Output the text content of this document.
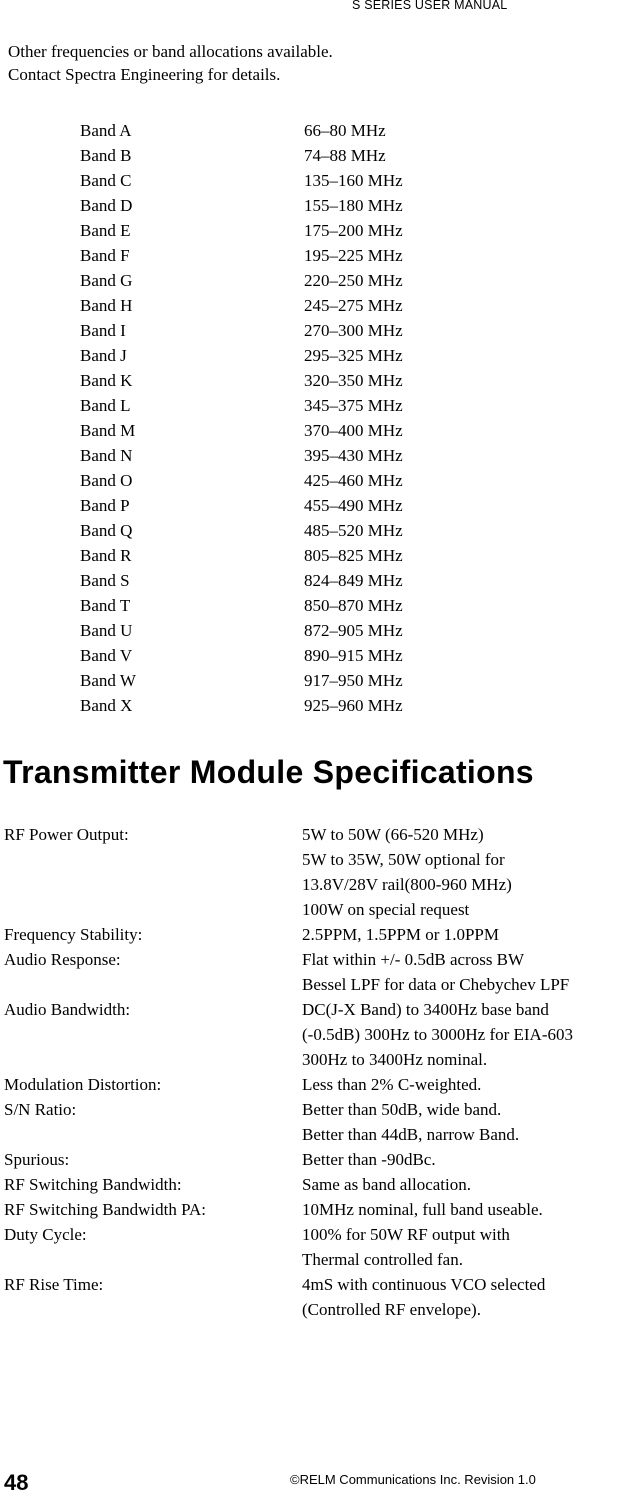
S SERIES USER MANUAL
Other frequencies or band allocations available.
Contact Spectra Engineering for details.
Band A	66–80 MHz
Band B	74–88 MHz
Band C	135–160 MHz
Band D	155–180 MHz
Band E	175–200 MHz
Band F	195–225 MHz
Band G	220–250 MHz
Band H	245–275 MHz
Band I	270–300 MHz
Band J	295–325 MHz
Band K	320–350 MHz
Band L	345–375 MHz
Band M	370–400 MHz
Band N	395–430 MHz
Band O	425–460 MHz
Band P	455–490 MHz
Band Q	485–520 MHz
Band R	805–825 MHz
Band S	824–849 MHz
Band T	850–870 MHz
Band U	872–905 MHz
Band V	890–915 MHz
Band W	917–950 MHz
Band X	925–960 MHz
Transmitter Module Specifications
RF Power Output:	5W to 50W (66-520 MHz)
5W to 35W, 50W optional for
13.8V/28V rail(800-960 MHz)
100W on special request
Frequency Stability:	2.5PPM, 1.5PPM or 1.0PPM
Audio Response:	Flat within +/- 0.5dB across BW
Bessel LPF for data or Chebychev LPF
Audio Bandwidth:	DC(J-X Band) to 3400Hz base band
(-0.5dB) 300Hz to 3000Hz for EIA-603
300Hz to 3400Hz nominal.
Modulation Distortion:	Less than 2% C-weighted.
S/N Ratio:	Better than 50dB, wide band.
Better than 44dB, narrow Band.
Spurious:	Better than -90dBc.
RF Switching Bandwidth:	Same as band allocation.
RF Switching Bandwidth PA:	10MHz nominal, full band useable.
Duty Cycle:	100% for 50W RF output with
Thermal controlled fan.
RF Rise Time:	4mS with continuous VCO selected
(Controlled RF envelope).
48	©RELM Communications Inc. Revision 1.0
